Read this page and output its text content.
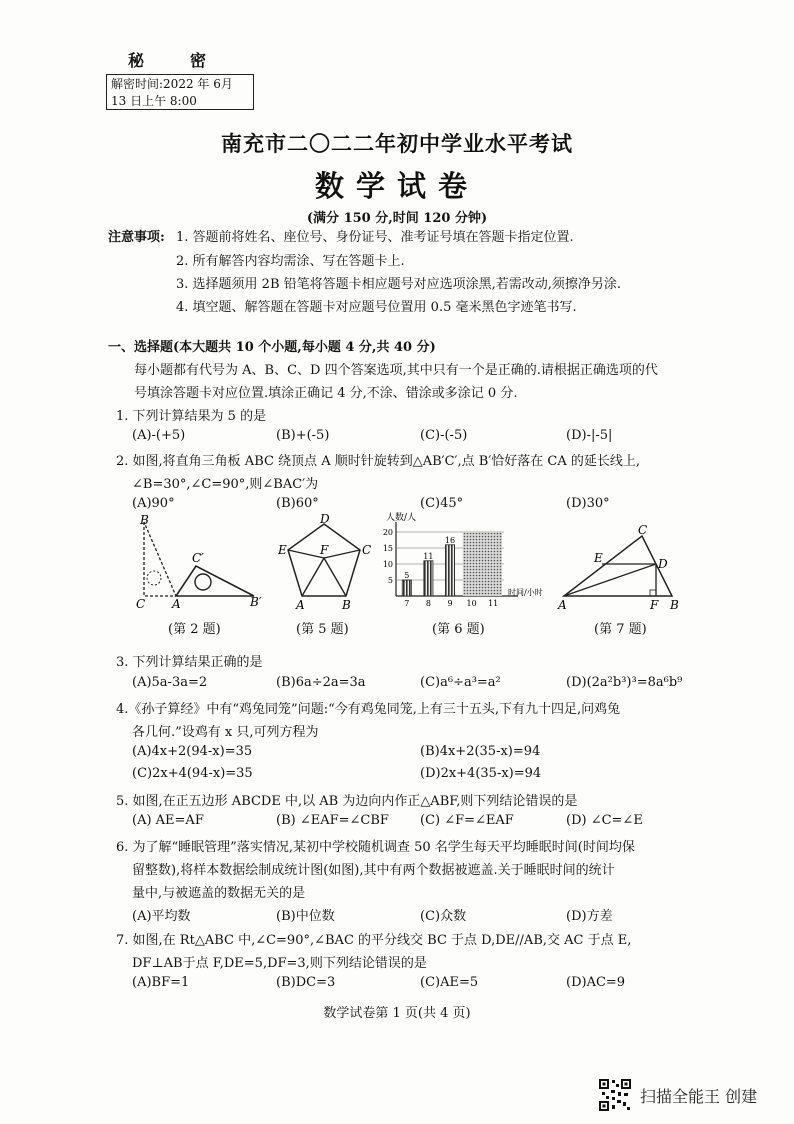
秘	密
解密时间:2022 年 6月 13 日上午 8:00
南充市二〇二二年初中学业水平考试
数学试卷
(满分 150 分,时间 120 分钟)
注意事项: 1. 答题前将姓名、座位号、身份证号、准考证号填在答题卡指定位置.
2. 所有解答内容均需涂、写在答题卡上.
3. 选择题须用 2B 铅笔将答题卡相应题号对应选项涂黑,若需改动,须擦净另涂.
4. 填空题、解答题在答题卡对应题号位置用 0.5 毫米黑色字迹笔书写.
一、选择题(本大题共 10 个小题,每小题 4 分,共 40 分)
每小题都有代号为 A、B、C、D 四个答案选项,其中只有一个是正确的.请根据正确选项的代
号填涂答题卡对应位置.填涂正确记 4 分,不涂、错涂或多涂记 0 分.
1. 下列计算结果为 5 的是
(A)-(+5)	(B)+(-5)	(C)-(-5)	(D)-|-5|
2. 如图,将直角三角板 ABC 绕顶点 A 顺时针旋转到△AB′C′,点 B′恰好落在 CA 的延长线上,
∠B=30°,∠C=90°,则∠BAC′为
(A)90°	(B)60°	(C)45°	(D)30°
B
C′
C A	B′
(第 2 题)
D
E	F	C
A	B
(第 5 题)
5
10
15
20
5
7
11
8
16
9 10 11
人数/人
时间/小时
(第 6 题)
C
E	D
A	F B
(第 7 题)
3. 下列计算结果正确的是
(A)5a-3a=2	(B)6a÷2a=3a	(C)a⁶÷a³=a²	(D)(2a²b³)³=8a⁶b⁹
4.《孙子算经》中有“鸡兔同笼”问题:“今有鸡兔同笼,上有三十五头,下有九十四足,问鸡兔
各几何.”设鸡有 x 只,可列方程为
(A)4x+2(94-x)=35	(B)4x+2(35-x)=94
(C)2x+4(94-x)=35	(D)2x+4(35-x)=94
5. 如图,在正五边形 ABCDE 中,以 AB 为边向内作正△ABF,则下列结论错误的是
(A) AE=AF	(B) ∠EAF=∠CBF (C) ∠F=∠EAF	(D) ∠C=∠E
6. 为了解“睡眠管理”落实情况,某初中学校随机调查 50 名学生每天平均睡眠时间(时间均保
留整数),将样本数据绘制成统计图(如图),其中有两个数据被遮盖.关于睡眠时间的统计
量中,与被遮盖的数据无关的是
(A)平均数	(B)中位数	(C)众数	(D)方差
7. 如图,在 Rt△ABC 中,∠C=90°,∠BAC 的平分线交 BC 于点 D,DE//AB,交 AC 于点 E,
DF⊥AB于点 F,DE=5,DF=3,则下列结论错误的是
(A)BF=1	(B)DC=3	(C)AE=5	(D)AC=9
数学试卷第 1 页(共 4 页)
扫描全能王 创建
